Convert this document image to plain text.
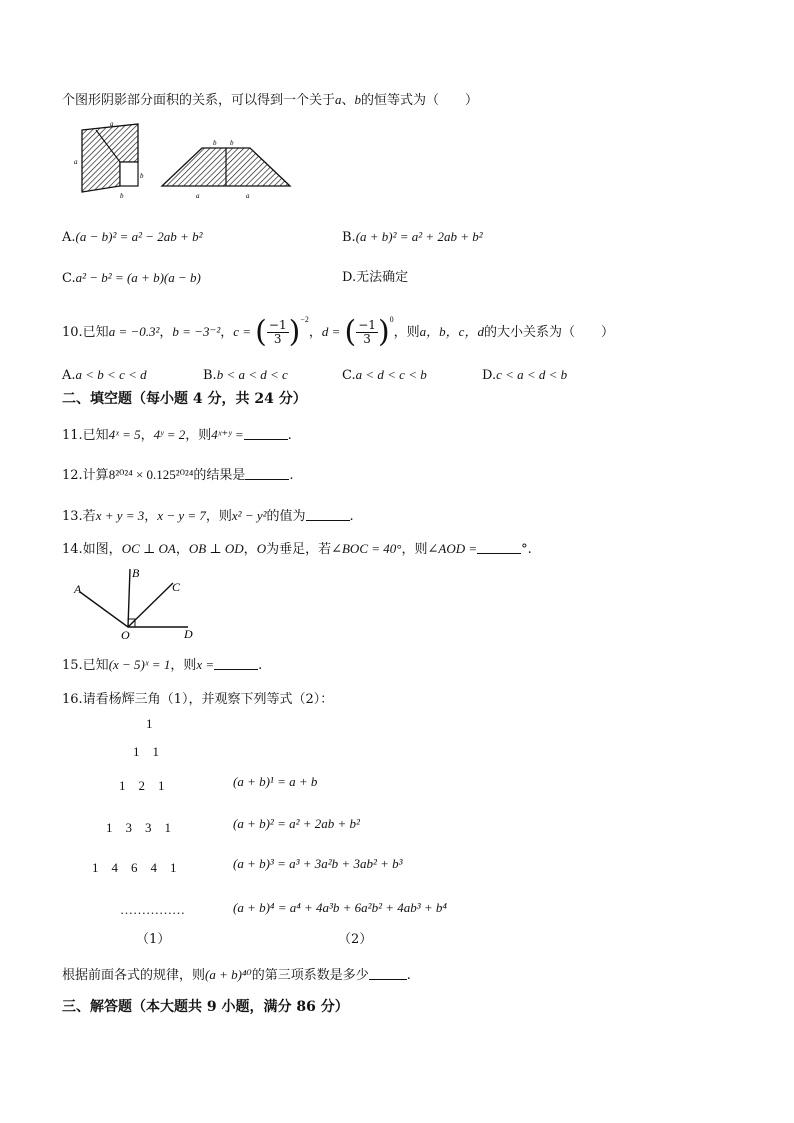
个图形阴影部分面积的关系，可以得到一个关于a、b的恒等式为（　　）
a
a
b
b
b b
a	a
A.(a − b)² = a² − 2ab + b²	B.(a + b)² = a² + 2ab + b²
C.a² − b² = (a + b)(a − b)	D.无法确定
10.已知a = −0.3²，b = −3⁻²，c = ( $\frac{-1}{3} )^{-2}$，d = ( $\frac{-1}{3} )^0$，则a，b，c，d的大小关系为（　　）
A.a < b < c < d	B.b < a < d < c	C.a < d < c < b	D.c < a < d < b
二、填空题（每小题 4 分，共 24 分）
11.已知4ˣ = 5，4ʸ = 2，则4ˣ⁺ʸ =	.
12.计算8²⁰²⁴ × 0.125²⁰²⁴的结果是	.
13.若x + y = 3，x − y = 7，则x² − y²的值为	.
14.如图，OC ⊥ OA，OB ⊥ OD，O为垂足，若∠BOC = 40°，则∠AOD =	°.
A
B
C
O	D
15.已知(x − 5)ˣ = 1，则x =	.
16.请看杨辉三角（1），并观察下列等式（2）：
1
1　1
1　2　1
1　3　3　1
1　4　6　4　1
……………
(a + b)¹ = a + b
(a + b)² = a² + 2ab + b²
(a + b)³ = a³ + 3a²b + 3ab² + b³
(a + b)⁴ = a⁴ + 4a³b + 6a²b² + 4ab³ + b⁴
（1）	（2）
根据前面各式的规律，则(a + b)⁴⁰的第三项系数是多少	.
三、解答题（本大题共 9 小题，满分 86 分）
